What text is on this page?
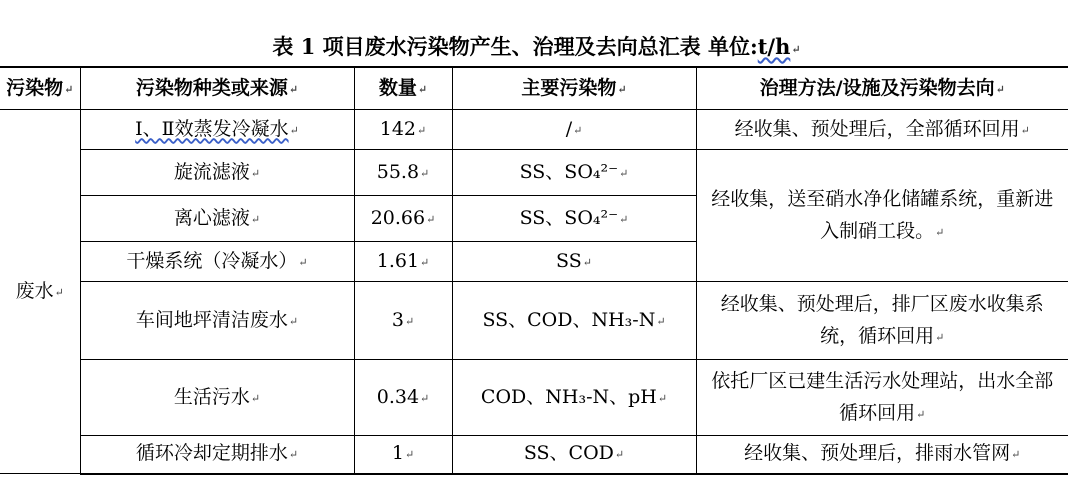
表 1 项目废水污染物产生、治理及去向总汇表 单位:t/h↵
污染物↵	污染物种类或来源↵	数量↵	主要污染物↵	治理方法/设施及污染物去向↵
废水↵	Ⅰ、Ⅱ效蒸发冷凝水↵	142↵	/↵	经收集、预处理后，全部循环回用↵
	旋流滤液↵	55.8↵	SS、SO₄²⁻↵	经收集，送至硝水净化储罐系统，重新进入制硝工段。↵
	离心滤液↵	20.66↵	SS、SO₄²⁻↵	
	干燥系统（冷凝水）↵	1.61↵	SS↵	
	车间地坪清洁废水↵	3↵	SS、COD、NH₃-N↵	经收集、预处理后，排厂区废水收集系统，循环回用↵
	生活污水↵	0.34↵	COD、NH₃-N、pH↵	依托厂区已建生活污水处理站，出水全部循环回用↵
	循环冷却定期排水↵	1↵	SS、COD↵	经收集、预处理后，排雨水管网↵
